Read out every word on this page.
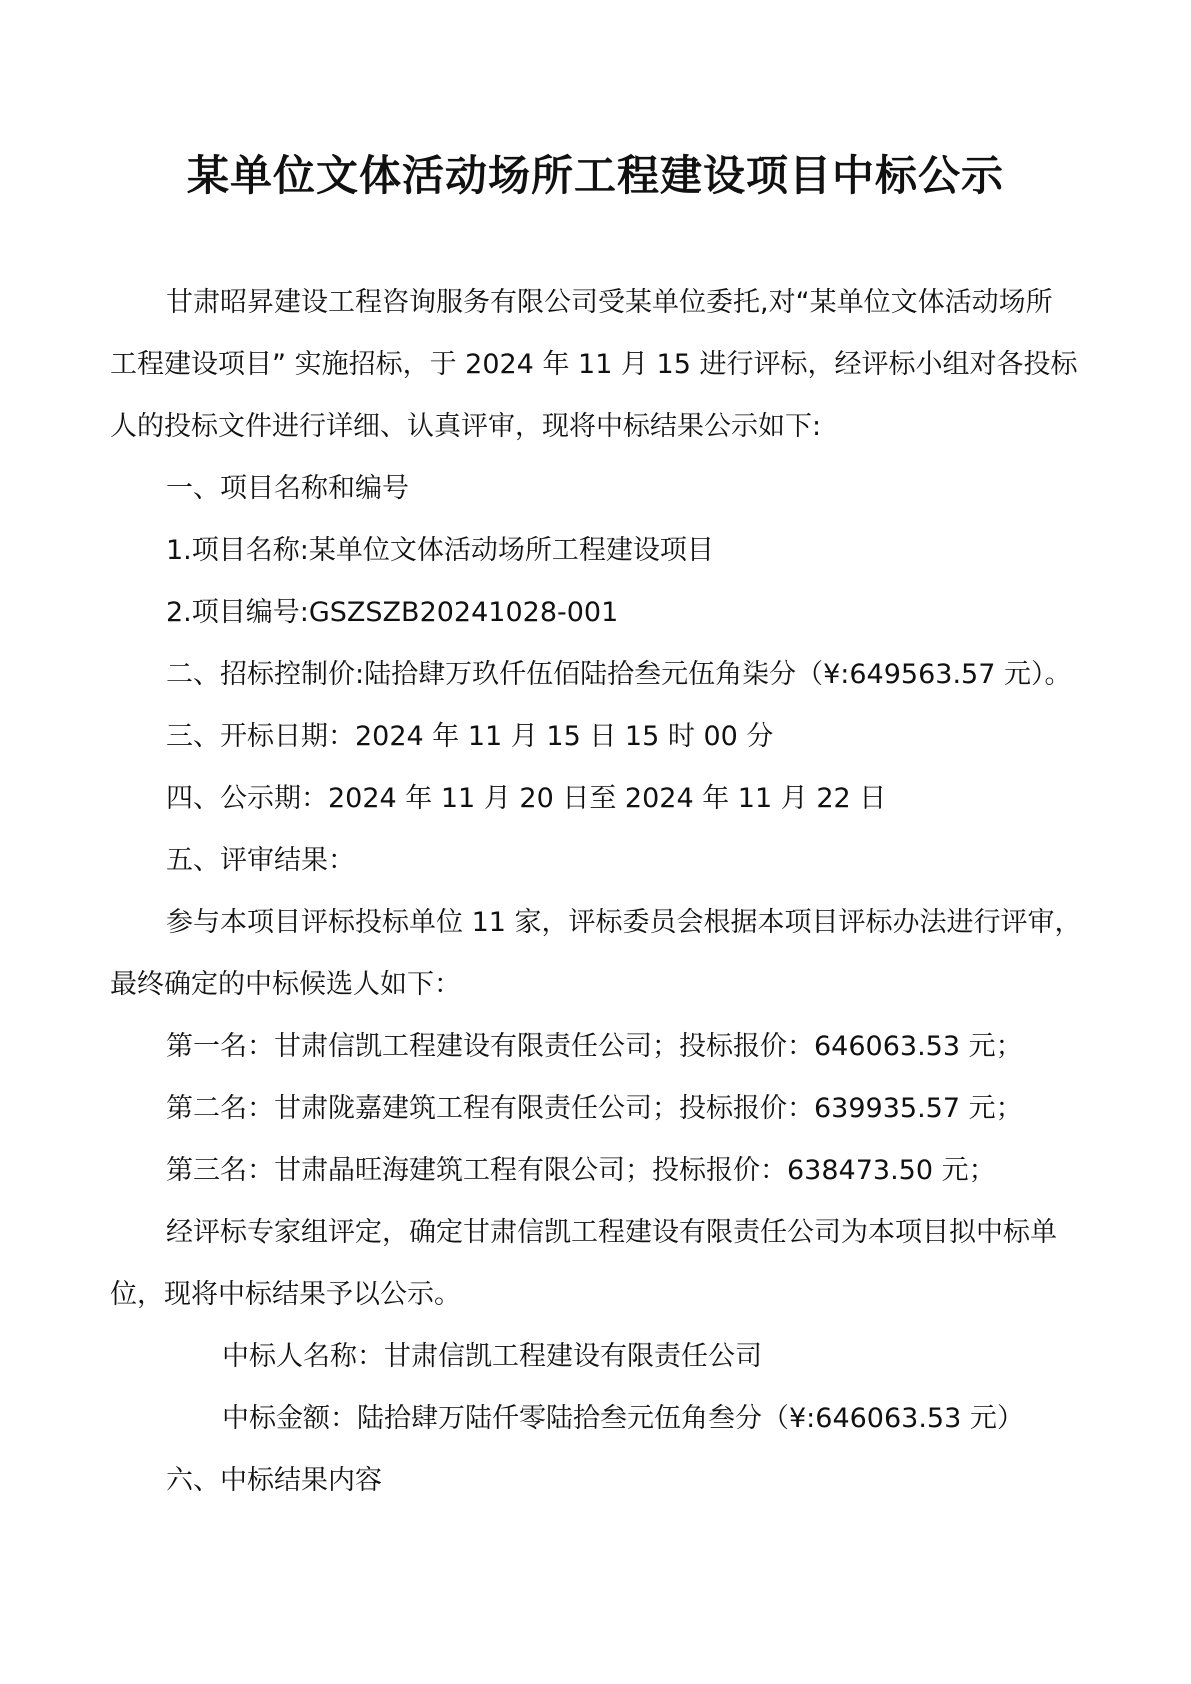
某单位文体活动场所工程建设项目中标公示

甘肃昭昇建设工程咨询服务有限公司受某单位委托,对“某单位文体活动场所
工程建设项目” 实施招标，于 2024 年 11 月 15 进行评标，经评标小组对各投标
人的投标文件进行详细、认真评审，现将中标结果公示如下:

一、项目名称和编号

1.项目名称:某单位文体活动场所工程建设项目

2.项目编号:GSZSZB20241028-001

二、招标控制价:陆拾肆万玖仟伍佰陆拾叁元伍角柒分（¥:649563.57 元）。

三、开标日期：2024 年 11 月 15 日 15 时 00 分

四、公示期：2024 年 11 月 20 日至 2024 年 11 月 22 日

五、评审结果：

参与本项目评标投标单位 11 家，评标委员会根据本项目评标办法进行评审，
最终确定的中标候选人如下：

第一名：甘肃信凯工程建设有限责任公司；投标报价：646063.53 元；

第二名：甘肃陇嘉建筑工程有限责任公司；投标报价：639935.57 元；

第三名：甘肃晶旺海建筑工程有限公司；投标报价：638473.50 元；

经评标专家组评定，确定甘肃信凯工程建设有限责任公司为本项目拟中标单
位，现将中标结果予以公示。

中标人名称：甘肃信凯工程建设有限责任公司

中标金额：陆拾肆万陆仟零陆拾叁元伍角叁分（¥:646063.53 元）

六、中标结果内容
